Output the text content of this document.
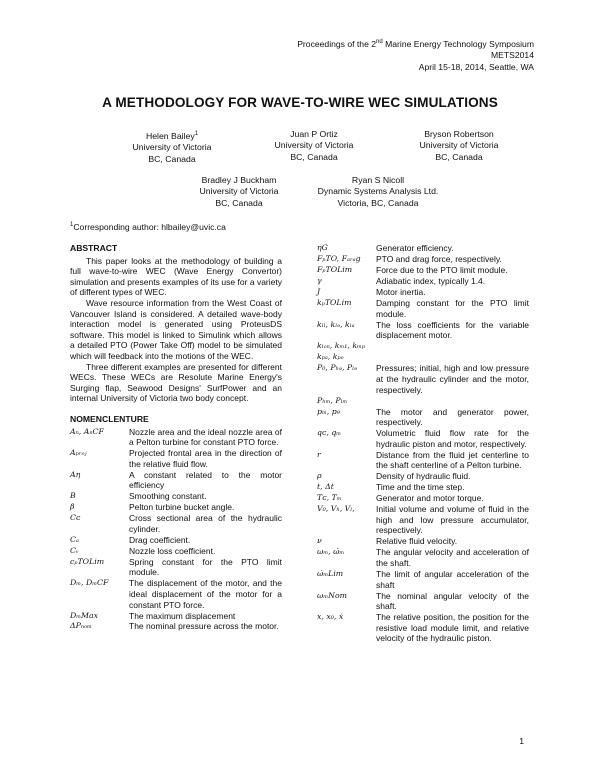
Proceedings of the 2nd Marine Energy Technology Symposium
METS2014
April 15-18, 2014, Seattle, WA
A METHODOLOGY FOR WAVE-TO-WIRE WEC SIMULATIONS
Helen Bailey$^1$
University of Victoria
BC, Canada
Juan P Ortiz
University of Victoria
BC, Canada
Bryson Robertson
University of Victoria
BC, Canada
Bradley J Buckham
University of Victoria
BC, Canada
Ryan S Nicoll
Dynamic Systems Analysis Ltd.
Victoria, BC, Canada
$^1$Corresponding author: hlbailey@uvic.ca
ABSTRACT

This paper looks at the methodology of building a full wave-to-wire WEC (Wave Energy Convertor) simulation and presents examples of its use for a variety of different types of WEC.

Wave resource information from the West Coast of Vancouver Island is considered. A detailed wave-body interaction model is generated using ProteusDS software. This model is linked to Simulink which allows a detailed PTO (Power Take Off) model to be simulated which will feedback into the motions of the WEC.

Three different examples are presented for different WECs. These WECs are Resolute Marine Energy's Surging flap, Seawood Designs' SurfPower and an internal University of Victoria two body concept.

NOMENCLENTURE
Aₙ, AₙCF	Nozzle area and the ideal nozzle area of a Pelton turbine for constant PTO force.
Aₚᵣₒⱼ	Projected frontal area in the direction of the relative fluid flow.
Aη	A constant related to the motor efficiency
B	Smoothing constant.
β	Pelton turbine bucket angle.
Cᴄ	Cross sectional area of the hydraulic cylinder.
Cₐ	Drag coefficient.
Cᵥ	Nozzle loss coefficient.
cₚTOLim	Spring constant for the PTO limit module.
Dₘ, DₘCF	The displacement of the motor, and the ideal displacement of the motor for a constant PTO force.
DₘMax	The maximum displacement
ΔPₙₒₘ	The nominal pressure across the motor.
ηG	Generator efficiency.
FₚTO, Fₐᵣₐg	PTO and drag force, respectively.
FₚTOLim	Force due to the PTO limit module.
γ	Adiabatic index, typically 1.4.
J	Motor inertia.
kₚTOLim	Damping constant for the PTO limit module.
kₗₗ, kₗₔ, kₗₐ	The loss coefficients for the variable displacement motor.
kₗₒₙ, kₘ₁, kₘₚ
kₚₐ, kₚₒ
P₀, Pₕₔ, Pₗₔ	Pressures; initial, high and low pressure at the hydraulic cylinder and the motor, respectively.
Pₕₘ, Pₗₘ
pₘ, p₉	The motor and generator power, respectively.
qᴄ, qₘ	Volumetric fluid flow rate for the hydraulic piston and motor, respectively.
r	Distance from the fluid jet centerline to the shaft centerline of a Pelton turbine.
ρ	Density of hydraulic fluid.
t, Δt	Time and the time step.
Tᴄ, Tₘ	Generator and motor torque.
V₀, Vₕ, Vₗ,	Initial volume and volume of fluid in the high and low pressure accumulator, respectively.
ν	Relative fluid velocity.
ωₘ, ω̇ₘ	The angular velocity and acceleration of the shaft.
ω̇ₘLim	The limit of angular acceleration of the shaft
ωₘNom	The nominal angular velocity of the shaft.
x, x₀, ẋ	The relative position, the position for the resistive load module limit, and relative velocity of the hydraulic piston.
1
